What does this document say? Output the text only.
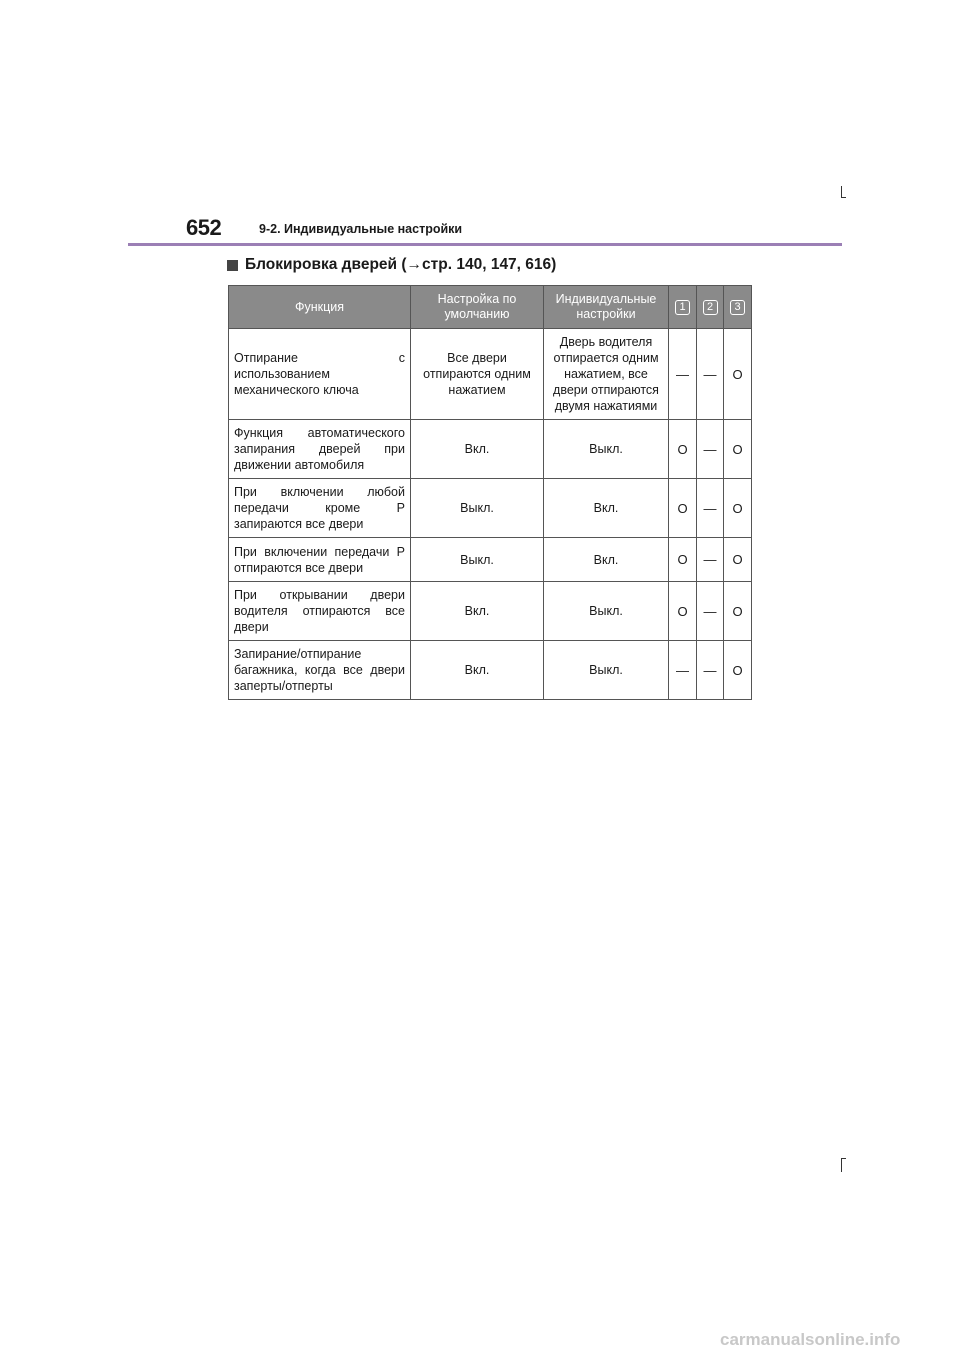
652	9-2. Индивидуальные настройки
Блокировка дверей (→стр. 140, 147, 616)
Функция	Настройка по умолчанию	Индивидуальные настройки	1	2	3
Отпирание с использованием механического ключа	Все двери отпираются одним нажатием	Дверь водителя отпирается одним нажатием, все двери отпираются двумя нажатиями	—	—	O
Функция автоматического запирания дверей при движении автомобиля	Вкл.	Выкл.	O	—	O
При включении любой передачи кроме P запираются все двери	Выкл.	Вкл.	O	—	O
При включении передачи P отпираются все двери	Выкл.	Вкл.	O	—	O
При открывании двери водителя отпираются все двери	Вкл.	Выкл.	O	—	O
Запирание/отпирание багажника, когда все двери заперты/отперты	Вкл.	Выкл.	—	—	O
carmanualsonline.info
